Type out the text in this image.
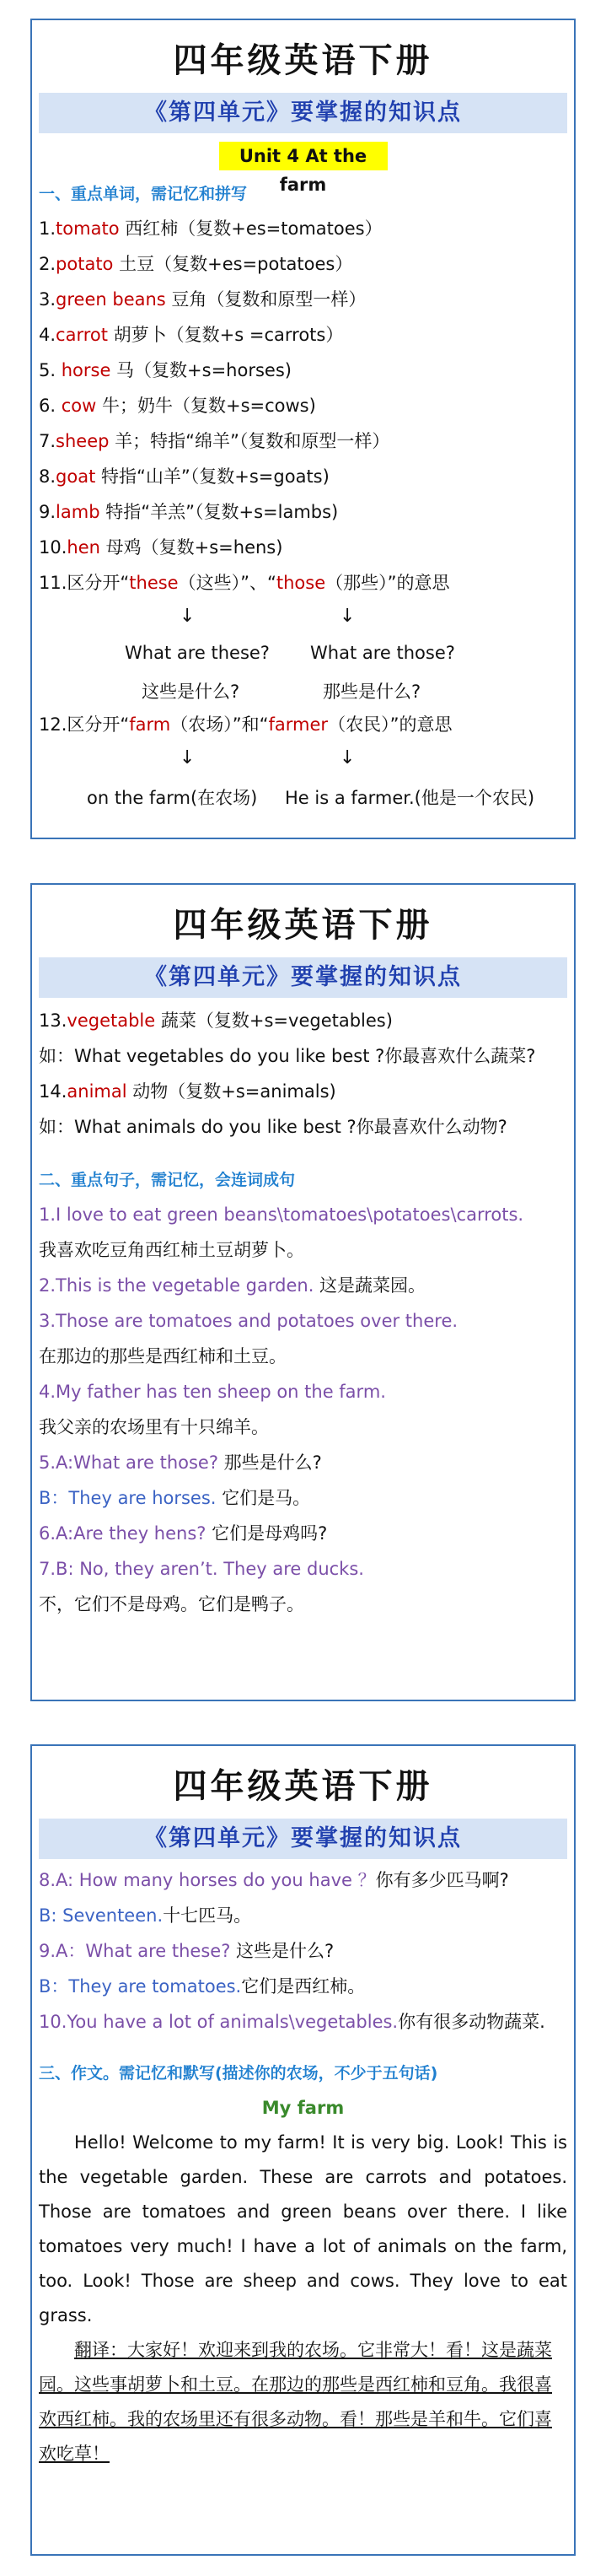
四年级英语下册
《第四单元》要掌握的知识点
Unit 4 At the farm
一、重点单词，需记忆和拼写
1.tomato 西红柿（复数+es=tomatoes）
2.potato 土豆（复数+es=potatoes）
3.green beans 豆角（复数和原型一样）
4.carrot 胡萝卜（复数+s =carrots）
5. horse 马（复数+s=horses)
6. cow 牛；奶牛（复数+s=cows)
7.sheep 羊；特指“绵羊”（复数和原型一样）
8.goat 特指“山羊”（复数+s=goats)
9.lamb 特指“羊羔”（复数+s=lambs)
10.hen 母鸡（复数+s=hens)
11.区分开“these（这些）”、“those（那些）”的意思
↓	↓
What are these? What are those?
这些是什么?	那些是什么?
12.区分开“farm（农场）”和“farmer（农民）”的意思
↓	↓
on the farm(在农场) He is a farmer.(他是一个农民)
四年级英语下册
《第四单元》要掌握的知识点
13.vegetable 蔬菜（复数+s=vegetables)
如：What vegetables do you like best ?你最喜欢什么蔬菜?
14.animal 动物（复数+s=animals)
如：What animals do you like best ?你最喜欢什么动物?
二、重点句子，需记忆，会连词成句
1.I love to eat green beans\tomatoes\potatoes\carrots.
我喜欢吃豆角西红柿土豆胡萝卜。
2.This is the vegetable garden. 这是蔬菜园。
3.Those are tomatoes and potatoes over there.
在那边的那些是西红柿和土豆。
4.My father has ten sheep on the farm.
我父亲的农场里有十只绵羊。
5.A:What are those? 那些是什么?
B：They are horses. 它们是马。
6.A:Are they hens? 它们是母鸡吗?
7.B: No, they aren’t. They are ducks.
不，它们不是母鸡。它们是鸭子。
四年级英语下册
《第四单元》要掌握的知识点
8.A: How many horses do you have ？你有多少匹马啊?
B: Seventeen.十七匹马。
9.A：What are these? 这些是什么?
B：They are tomatoes.它们是西红柿。
10.You have a lot of animals\vegetables.你有很多动物蔬菜.
三、作文。需记忆和默写(描述你的农场，不少于五句话)
My farm
Hello! Welcome to my farm! It is very big. Look! This is the vegetable garden. These are carrots and potatoes. Those are tomatoes and green beans over there. I like tomatoes very much! I have a lot of animals on the farm, too. Look! Those are sheep and cows. They love to eat grass.
翻译：大家好！欢迎来到我的农场。它非常大！看！这是蔬菜园。这些事胡萝卜和土豆。在那边的那些是西红柿和豆角。我很喜欢西红柿。我的农场里还有很多动物。看！那些是羊和牛。它们喜欢吃草！
